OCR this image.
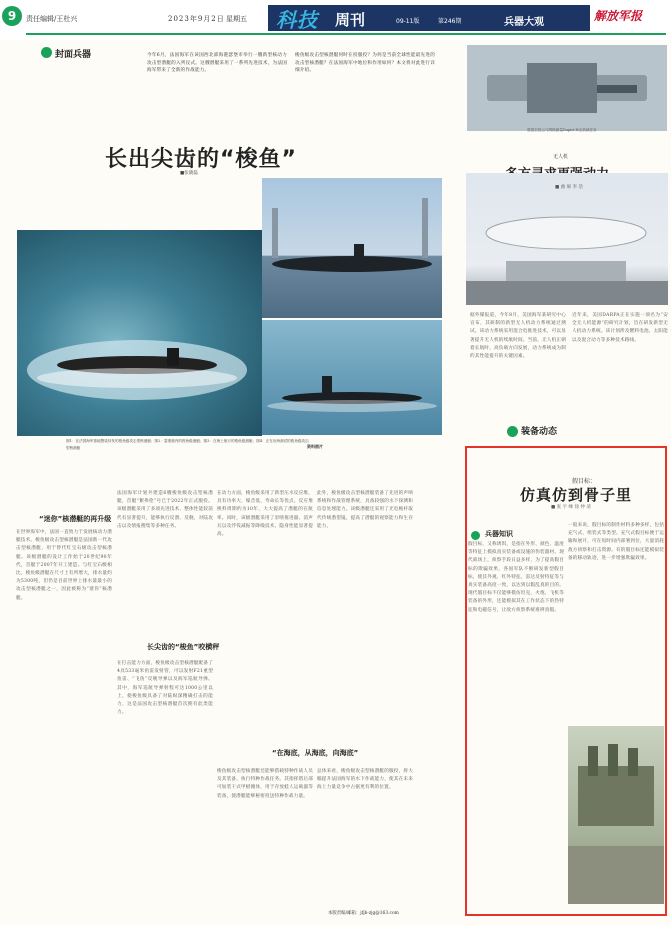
9	责任编辑/王杜兴	2023年9月2日 星期五 科技 周刊	09-11版	第246期	兵器大观	解放军报
封面兵器	今年6月，法国海军在该国西北部海港瑟堡市举行一艘新型核动力攻击型潜艇的入列仪式。这艘潜艇采用了一系列先进技术，为法国海军带来了全新的作战能力。
梭鱼级攻击型核潜艇何时在役服役？为何是当前全球性能最先进的攻击型核潜艇？在法国海军中地位和作用如何？本文将对此进行详细介绍。
敦煌空基云与网格测量Dapiri-H无机载任务
长出尖齿的“梭鱼”
■张晓磊
图1：在法国海军基地整装待发的梭鱼级攻击型核潜艇；图2：瑟堡港内的梭鱼级潜艇；图3：在海上航行的梭鱼级潜艇；图4：正在出海测试的梭鱼级攻击型核潜艇	资料图片
无人机
■ 曲 硕 李 浩
据外媒报道，今年8月，美国海军某研究中心宣布，其研制的新型无人机动力系统通过测试。该动力系统采用混合电推进技术，可以显著提升无人机的续航时间。当前，无人机正朝着长航时、高负载方向发展，动力系统成为制约其性能提升的关键因素。
近年来，美国DARPA正在实施一项名为“安全无人机能源”的研究计划，旨在研发新型无人机动力系统。该计划涉及燃料电池、太阳能以及混合动力等多种技术路线。
装备动态
假目标：
仿真仿到骨子里
■ 张 宇 峰 徐 仲 清
兵器知识
假目标，又称诱饵，是指在外形、颜色、温度等特征上模拟真实装备或设施的伪装器材。现代战场上，侦察手段日益多样，为了提高假目标的欺骗效果，各国军队不断研发新型假目标，使其外观、红外特征、雷达反射特征等与真实装备高度一致，以达到以假乱真的目的。现代假目标不仅能够模仿坦克、火炮、飞机等装备的外形，还能模拟其在工作状态下的热特征和电磁信号，让敌方侦察系统难辨真假。
一般来说，假目标的制作材料多种多样，包括充气式、组装式等类型。充气式假目标便于运输和展开，可在短时间内部署到位，大量消耗敌方侦察和打击资源。有的假目标还能模拟装备的移动轨迹，进一步增强欺骗效果。
“迷你”核潜艇的再升级
在世界海军中，法国一直致力于发展核动力潜艇技术。梭鱼级攻击型核潜艇是法国新一代攻击型核潜艇，用于替代红宝石级攻击型核潜艇。该级潜艇的设计工作始于20世纪90年代，首艇于2007年开工建造。与红宝石级相比，梭鱼级潜艇在尺寸上有所增大，排水量约为5300吨，但仍是目前世界上排水量最小的攻击型核潜艇之一，因此被称为“迷你”核潜艇。
法国海军计划共建造6艘梭鱼级攻击型核潜艇，首艇“絮弗伦”号已于2022年正式服役。该级潜艇采用了多项先进技术，整体性能较前代有显著提升，能够执行反潜、反舰、对陆攻击以及情报搜集等多种任务。
长尖齿的“梭鱼”咬横秤
在打击能力方面，梭鱼级攻击型核潜艇配备了4具533毫米鱼雷发射管，可以发射F21重型鱼雷、“飞鱼”反舰导弹以及海军巡航导弹。其中，海军巡航导弹射程可达1000公里以上，使梭鱼级具备了对陆纵深精确打击的能力，这是法国攻击型核潜艇首次拥有此类能力。
在动力方面，梭鱼级采用了新型压水反应堆，具有功率大、噪音低、寿命长等优点。反应堆换料周期约为10年，大大提高了潜艇的在航率。同时，该级潜艇采用了泵喷推进器、消声瓦以及浮筏减振等降噪技术，隐身性能显著提高。
“在海底，从海底，向海底”
梭鱼级攻击型核潜艇还能够搭载特种作战人员及其装备，执行特种作战任务。其指挥塔后部可加装干式甲板掩体，用于存放蛙人运载器等装备，使潜艇能够秘密投送特种作战力量。
此外，梭鱼级攻击型核潜艇装备了先进的声呐系统和作战管理系统，具备较强的水下探测和信息处理能力。该级潜艇还采用了光电桅杆取代传统潜望镜，提高了潜艇的观察能力和生存能力。
总体来看，梭鱼级攻击型核潜艇的服役，将大幅提升法国海军的水下作战能力，使其在未来海上力量竞争中占据更有利的位置。
本版责编/邮箱：jfjb-zjg@163.com
